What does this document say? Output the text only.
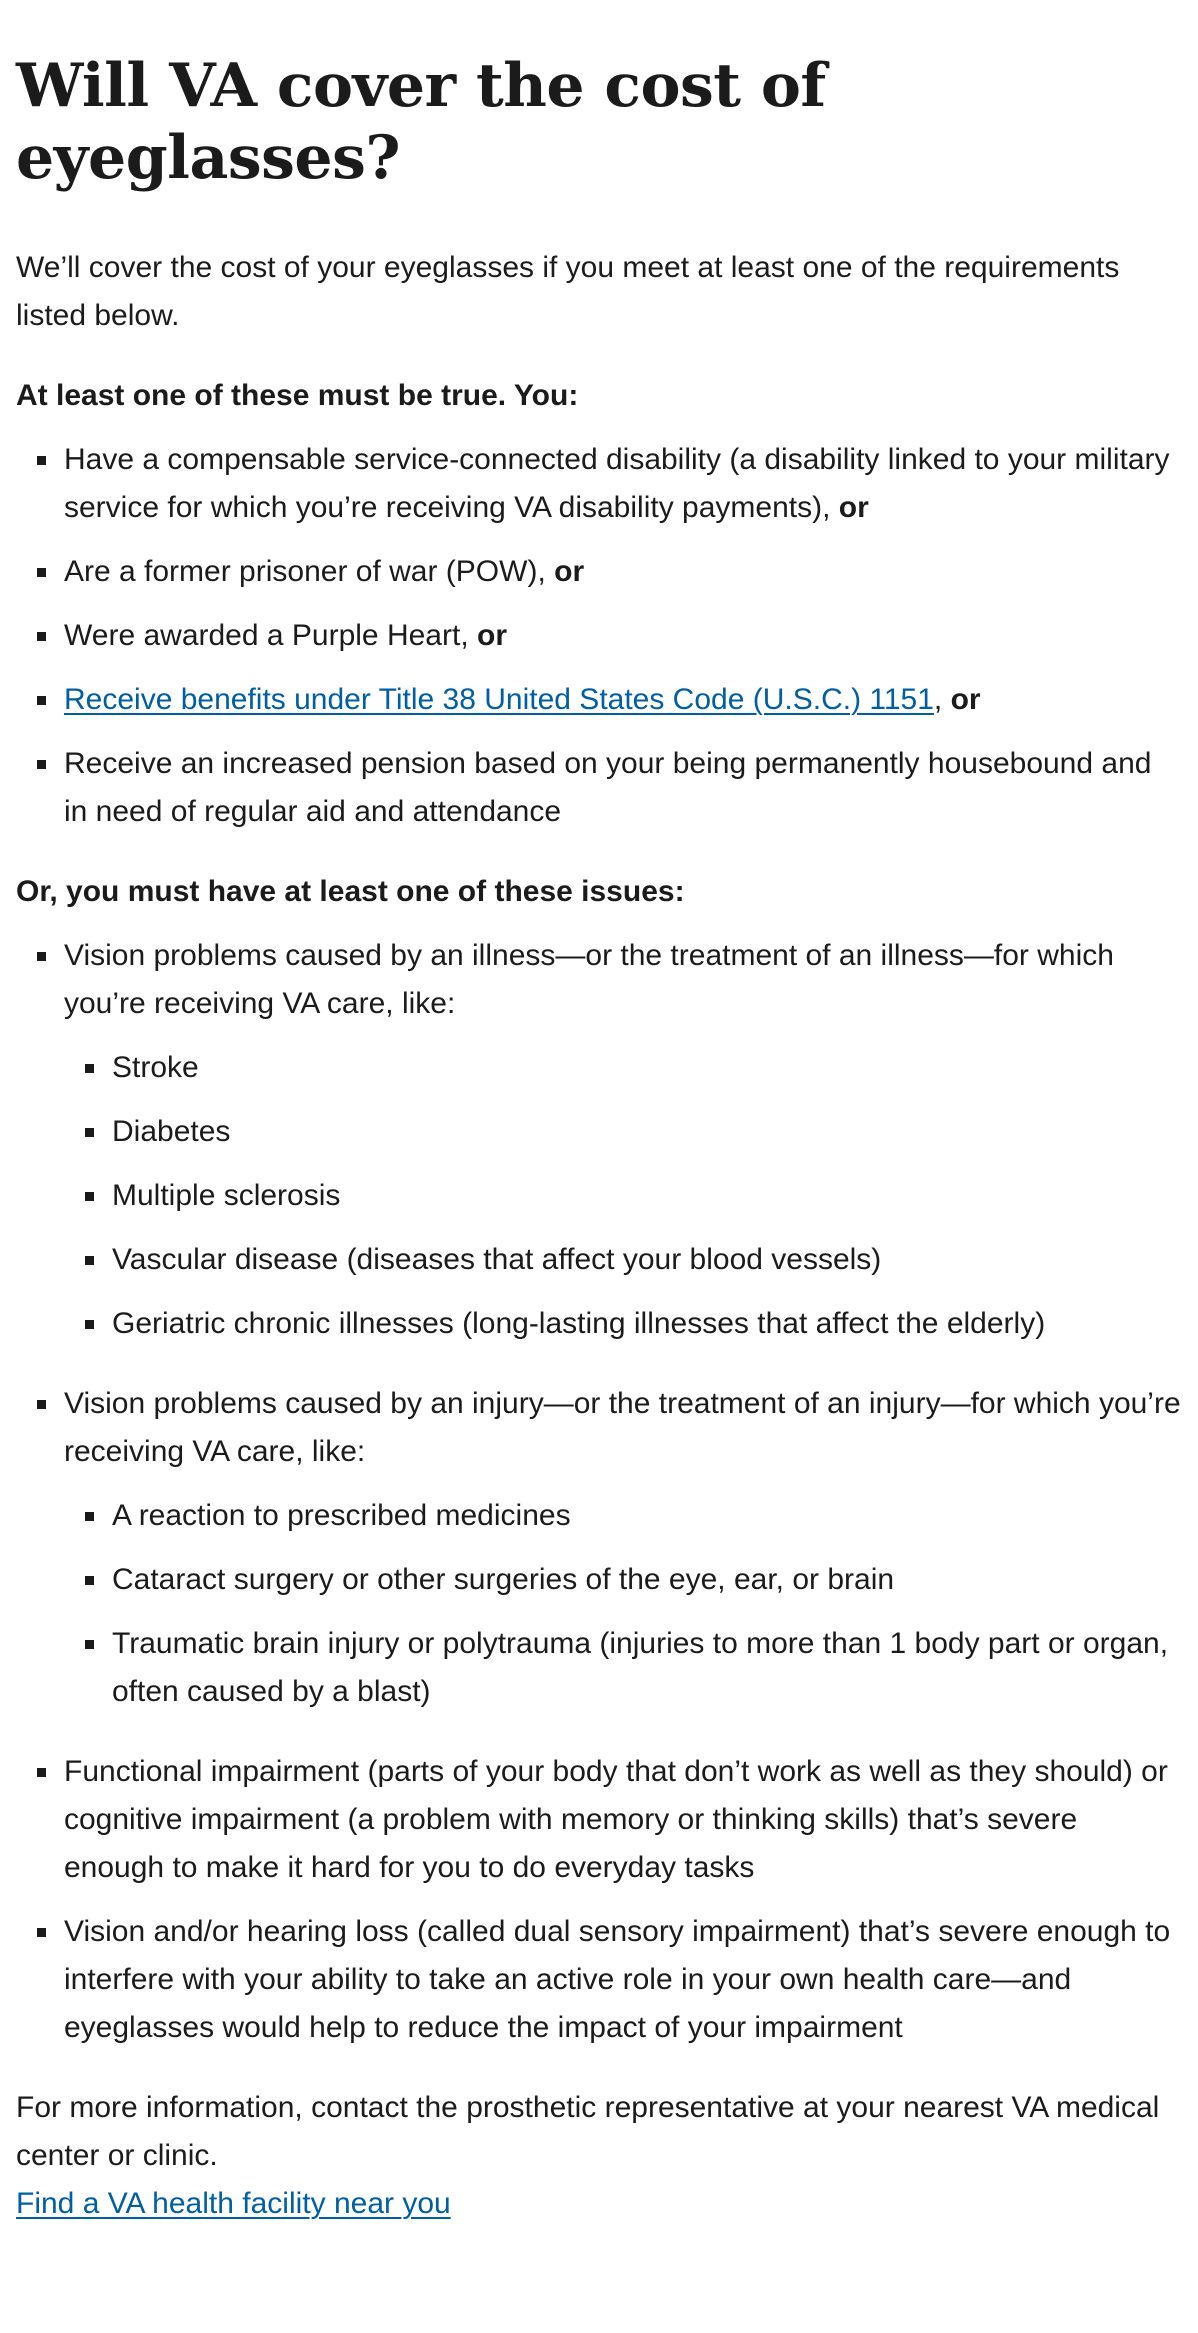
Will VA cover the cost of eyeglasses?

We’ll cover the cost of your eyeglasses if you meet at least one of the requirements listed below.

At least one of these must be true. You:

Have a compensable service-connected disability (a disability linked to your military service for which you’re receiving VA disability payments), or
Are a former prisoner of war (POW), or
Were awarded a Purple Heart, or
Receive benefits under Title 38 United States Code (U.S.C.) 1151, or
Receive an increased pension based on your being permanently housebound and in need of regular aid and attendance

Or, you must have at least one of these issues:

Vision problems caused by an illness—or the treatment of an illness—for which you’re receiving VA care, like:
Stroke
Diabetes
Multiple sclerosis
Vascular disease (diseases that affect your blood vessels)
Geriatric chronic illnesses (long-lasting illnesses that affect the elderly)
Vision problems caused by an injury—or the treatment of an injury—for which you’re receiving VA care, like:
A reaction to prescribed medicines
Cataract surgery or other surgeries of the eye, ear, or brain
Traumatic brain injury or polytrauma (injuries to more than 1 body part or organ, often caused by a blast)
Functional impairment (parts of your body that don’t work as well as they should) or cognitive impairment (a problem with memory or thinking skills) that’s severe enough to make it hard for you to do everyday tasks
Vision and/or hearing loss (called dual sensory impairment) that’s severe enough to interfere with your ability to take an active role in your own health care—and eyeglasses would help to reduce the impact of your impairment

For more information, contact the prosthetic representative at your nearest VA medical center or clinic.

Find a VA health facility near you
